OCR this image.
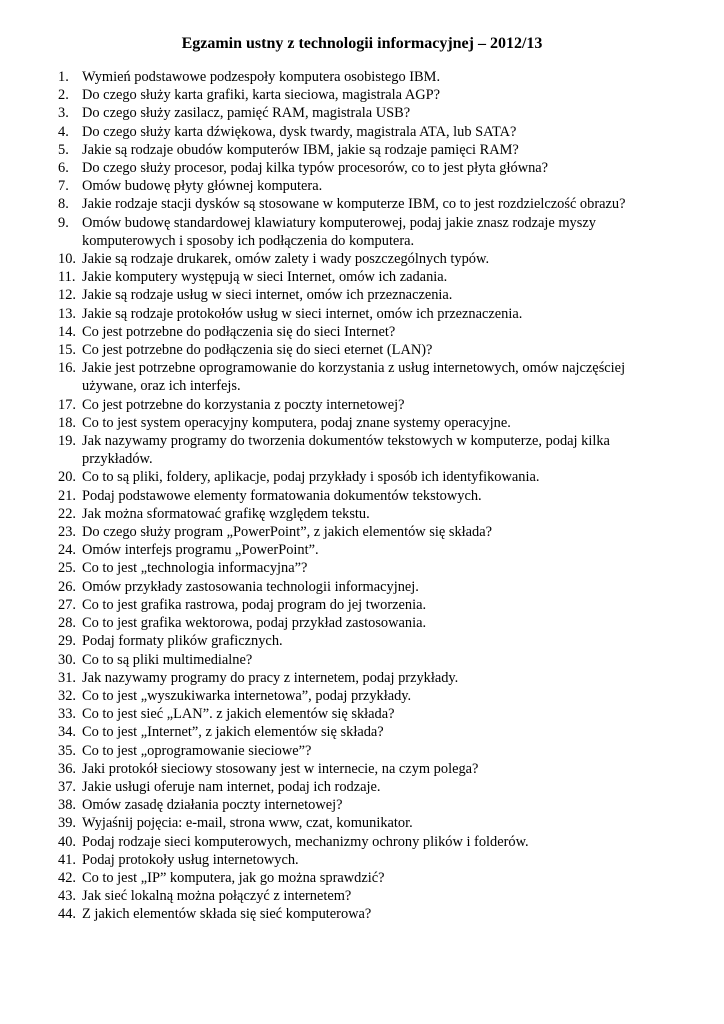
Egzamin ustny z technologii informacyjnej – 2012/13
1. Wymień podstawowe podzespoły komputera osobistego IBM.
2. Do czego służy karta grafiki, karta sieciowa, magistrala AGP?
3. Do czego służy zasilacz, pamięć RAM, magistrala USB?
4. Do czego służy karta dźwiękowa, dysk twardy, magistrala ATA, lub SATA?
5. Jakie są rodzaje obudów komputerów IBM, jakie są rodzaje pamięci RAM?
6. Do czego służy procesor, podaj kilka typów procesorów, co to jest płyta główna?
7. Omów budowę płyty głównej komputera.
8. Jakie rodzaje stacji dysków są stosowane w komputerze IBM, co to jest rozdzielczość obrazu?
9. Omów budowę standardowej klawiatury komputerowej, podaj jakie znasz rodzaje myszy komputerowych i sposoby ich podłączenia do komputera.
10. Jakie są rodzaje drukarek, omów zalety i wady poszczególnych typów.
11. Jakie komputery występują w sieci Internet, omów ich zadania.
12. Jakie są rodzaje usług w sieci internet, omów ich przeznaczenia.
13. Jakie są rodzaje protokołów usług w sieci internet, omów ich przeznaczenia.
14. Co jest potrzebne do podłączenia się do sieci Internet?
15. Co jest potrzebne do podłączenia się do sieci eternet (LAN)?
16. Jakie jest potrzebne oprogramowanie do korzystania z usług internetowych, omów najczęściej używane, oraz ich interfejs.
17. Co jest potrzebne do korzystania z poczty internetowej?
18. Co to jest system operacyjny komputera, podaj znane systemy operacyjne.
19. Jak nazywamy programy do tworzenia dokumentów tekstowych w komputerze, podaj kilka przykładów.
20. Co to są pliki, foldery, aplikacje, podaj przykłady i sposób ich identyfikowania.
21. Podaj podstawowe elementy formatowania dokumentów tekstowych.
22. Jak można sformatować grafikę względem tekstu.
23. Do czego służy program „PowerPoint”, z jakich elementów się składa?
24. Omów interfejs programu „PowerPoint”.
25. Co to jest „technologia informacyjna”?
26. Omów przykłady zastosowania technologii informacyjnej.
27. Co to jest grafika rastrowa, podaj program do jej tworzenia.
28. Co to jest grafika wektorowa, podaj przykład zastosowania.
29. Podaj formaty plików graficznych.
30. Co to są pliki multimedialne?
31. Jak nazywamy programy do pracy z internetem, podaj przykłady.
32. Co to jest „wyszukiwarka internetowa”, podaj przykłady.
33. Co to jest sieć „LAN”. z jakich elementów się składa?
34. Co to jest „Internet”, z jakich elementów się składa?
35. Co to jest „oprogramowanie sieciowe”?
36. Jaki protokół sieciowy stosowany jest w internecie, na czym polega?
37. Jakie usługi oferuje nam internet, podaj ich rodzaje.
38. Omów zasadę działania poczty internetowej?
39. Wyjaśnij pojęcia: e-mail, strona www, czat, komunikator.
40. Podaj rodzaje sieci komputerowych, mechanizmy ochrony plików i folderów.
41. Podaj protokoły usług internetowych.
42. Co to jest „IP” komputera, jak go można sprawdzić?
43. Jak sieć lokalną można połączyć z internetem?
44. Z jakich elementów składa się sieć komputerowa?
